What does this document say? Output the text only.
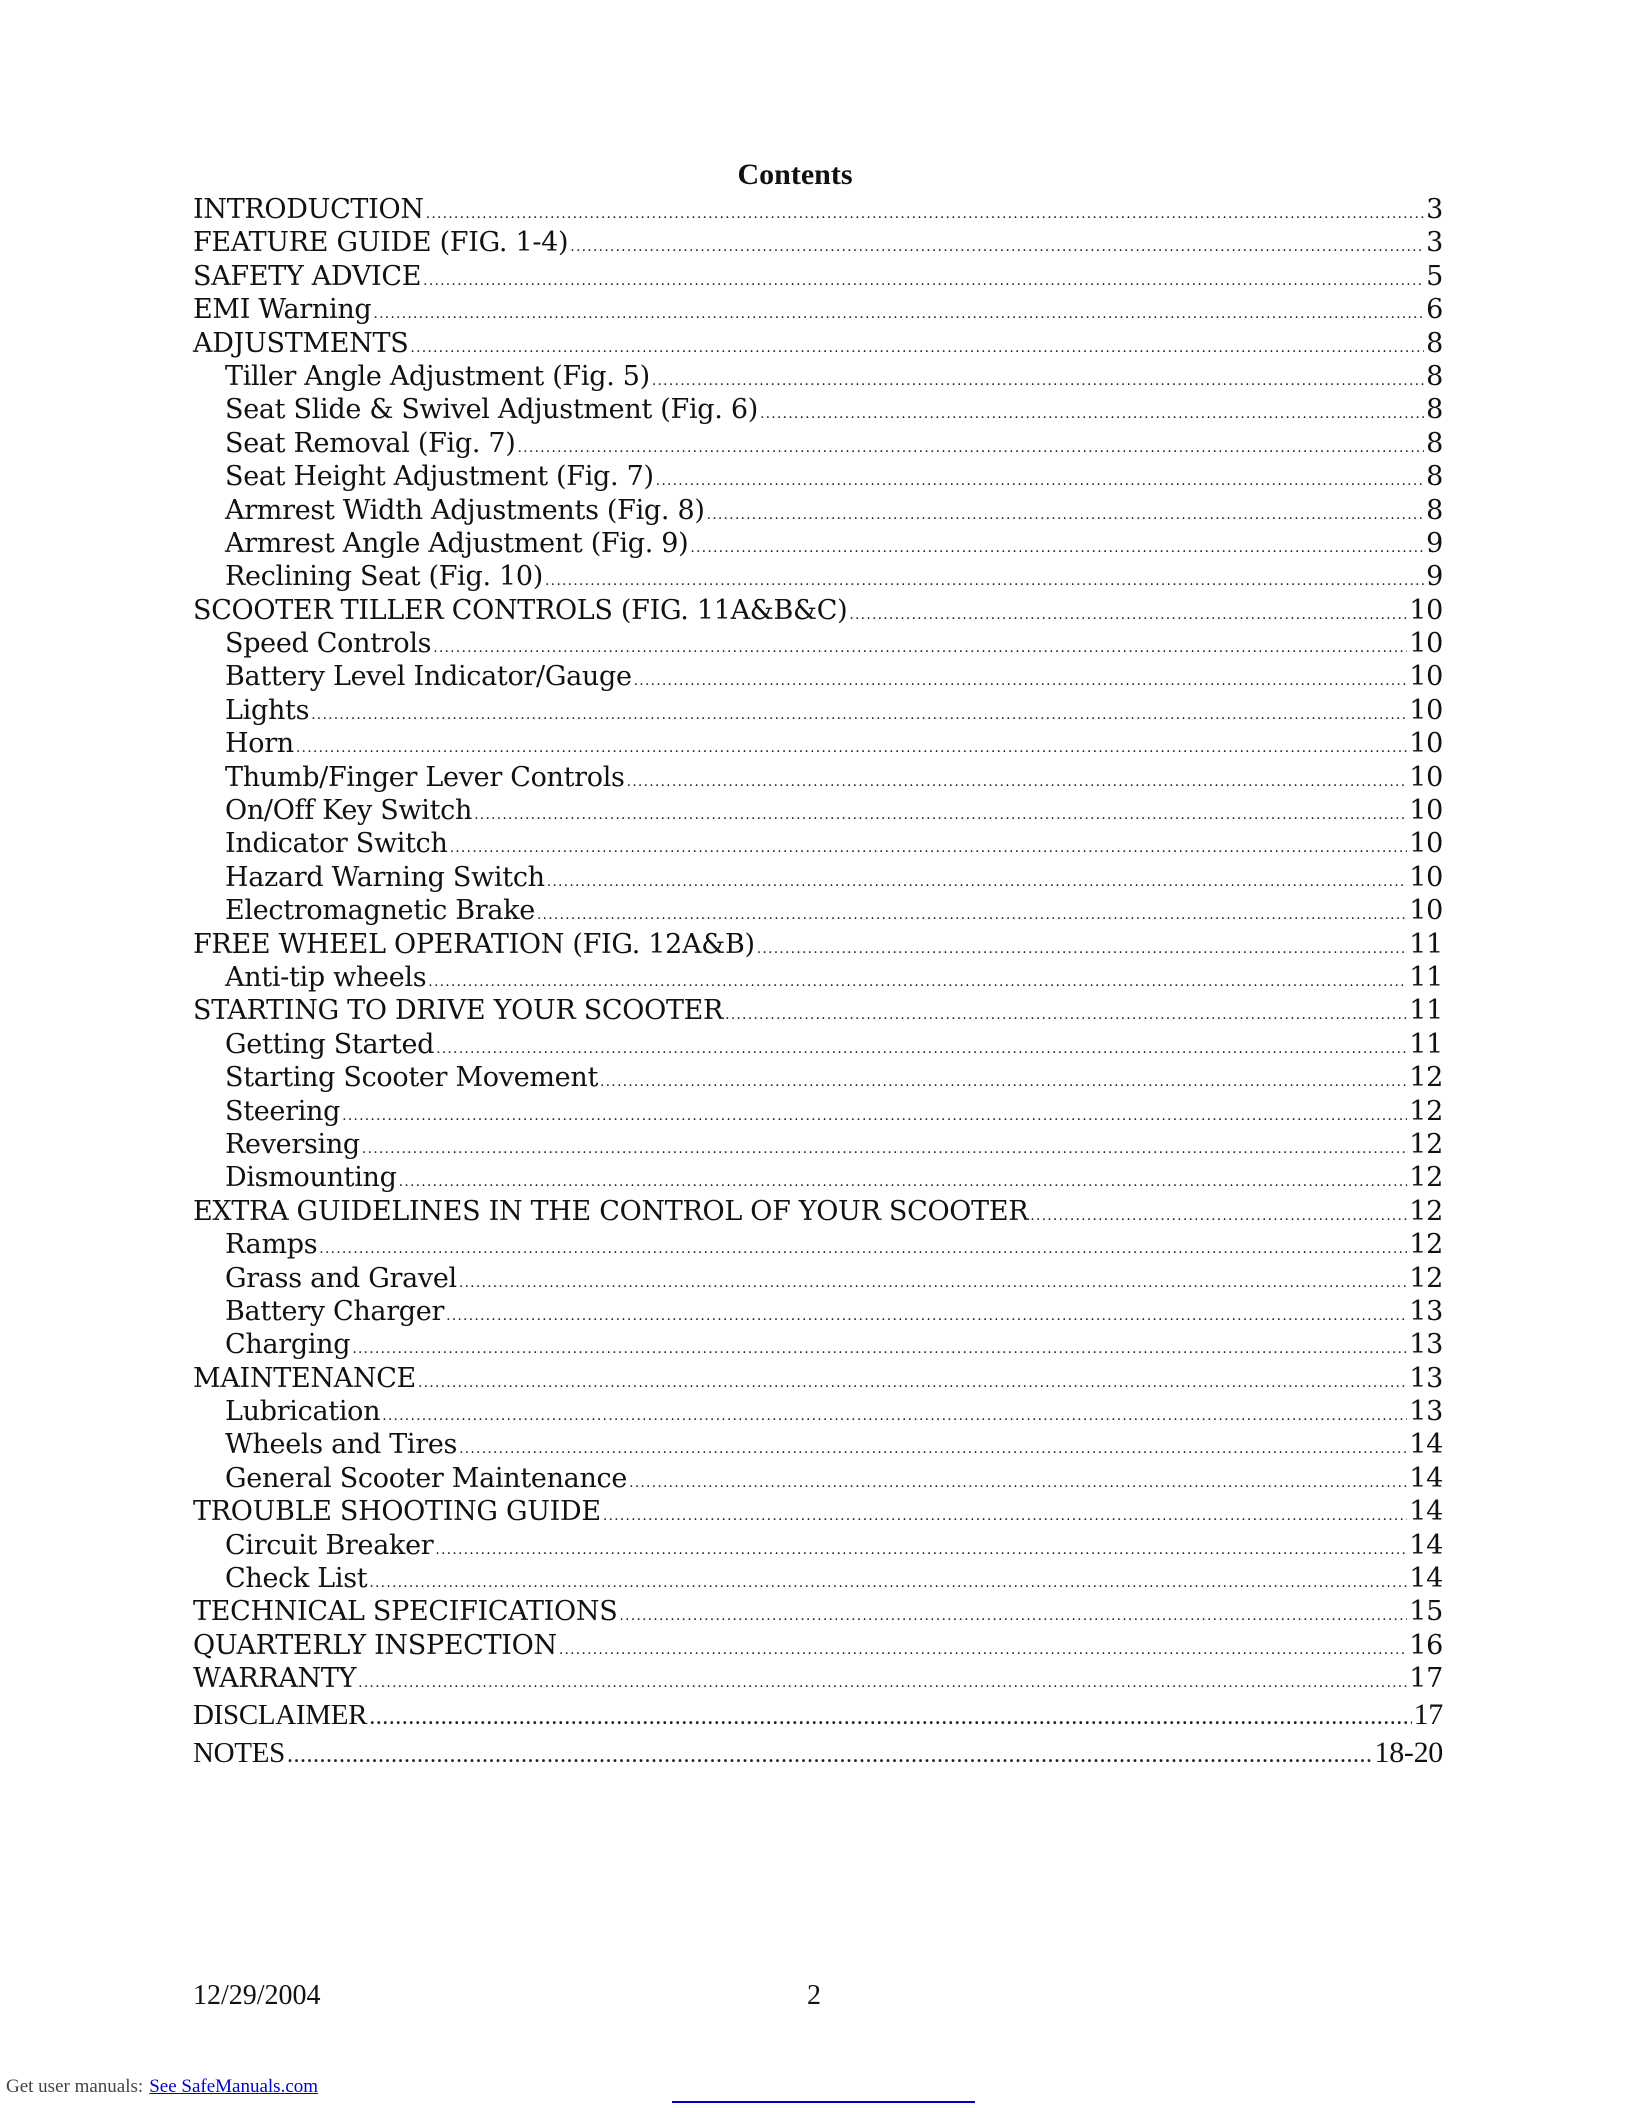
Contents
INTRODUCTION .....	3
FEATURE GUIDE (FIG. 1-4) .....	3
SAFETY ADVICE .....	5
EMI Warning .....	6
ADJUSTMENTS .....	8
Tiller Angle Adjustment (Fig. 5) .....	8
Seat Slide & Swivel Adjustment (Fig. 6) .....	8
Seat Removal (Fig. 7) .....	8
Seat Height Adjustment (Fig. 7) .....	8
Armrest Width Adjustments (Fig. 8) .....	8
Armrest Angle Adjustment (Fig. 9) .....	9
Reclining Seat (Fig. 10) .....	9
SCOOTER TILLER CONTROLS (FIG. 11A&B&C) .....	10
Speed Controls .....	10
Battery Level Indicator/Gauge .....	10
Lights .....	10
Horn .....	10
Thumb/Finger Lever Controls .....	10
On/Off Key Switch .....	10
Indicator Switch .....	10
Hazard Warning Switch .....	10
Electromagnetic Brake .....	10
FREE WHEEL OPERATION (FIG. 12A&B) .....	11
Anti-tip wheels .....	11
STARTING TO DRIVE YOUR SCOOTER .....	11
Getting Started .....	11
Starting Scooter Movement .....	12
Steering .....	12
Reversing .....	12
Dismounting .....	12
EXTRA GUIDELINES IN THE CONTROL OF YOUR SCOOTER .....	12
Ramps .....	12
Grass and Gravel .....	12
Battery Charger .....	13
Charging .....	13
MAINTENANCE .....	13
Lubrication .....	13
Wheels and Tires .....	14
General Scooter Maintenance .....	14
TROUBLE SHOOTING GUIDE .....	14
Circuit Breaker .....	14
Check List .....	14
TECHNICAL SPECIFICATIONS .....	15
QUARTERLY INSPECTION .....	16
WARRANTY .....	17
DISCLAIMER .....	17
NOTES .....	18-20
12/29/2004	2
Get user manuals: See SafeManuals.com
